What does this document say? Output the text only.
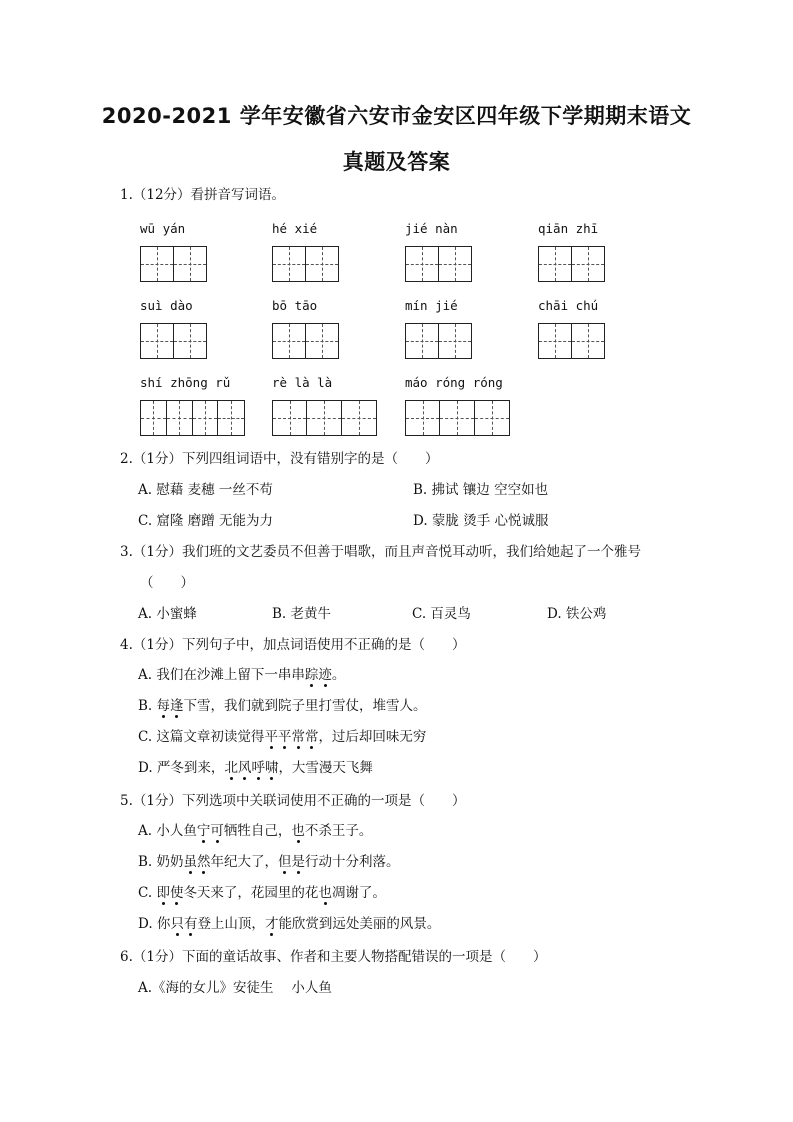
2020-2021 学年安徽省六安市金安区四年级下学期期末语文
真题及答案
1.（12分）看拼音写词语。
wū yán	hé xié	jié nàn	qiān zhī
suì dào	bō tāo	mín jié	chāi chú
shí zhōng rǔ	rè là là	máo róng róng
2.（1分）下列四组词语中，没有错别字的是（　　）
A. 慰藉 麦穗 一丝不苟	B. 拂试 镶边 空空如也
C. 窟隆 磨蹭 无能为力	D. 蒙胧 烫手 心悦诚服
3.（1分）我们班的文艺委员不但善于唱歌，而且声音悦耳动听，我们给她起了一个雅号
（　　）
A. 小蜜蜂	B. 老黄牛	C. 百灵鸟	D. 铁公鸡
4.（1分）下列句子中，加点词语使用不正确的是（　　）
A. 我们在沙滩上留下一串串踪迹。
B. 每逢下雪，我们就到院子里打雪仗，堆雪人。
C. 这篇文章初读觉得平平常常，过后却回味无穷
D. 严冬到来，北风呼啸，大雪漫天飞舞
5.（1分）下列选项中关联词使用不正确的一项是（　　）
A. 小人鱼宁可牺牲自己，也不杀王子。
B. 奶奶虽然年纪大了，但是行动十分利落。
C. 即使冬天来了，花园里的花也凋谢了。
D. 你只有登上山顶，才能欣赏到远处美丽的风景。
6.（1分）下面的童话故事、作者和主要人物搭配错误的一项是（　　）
A.《海的女儿》安徒生　 小人鱼
